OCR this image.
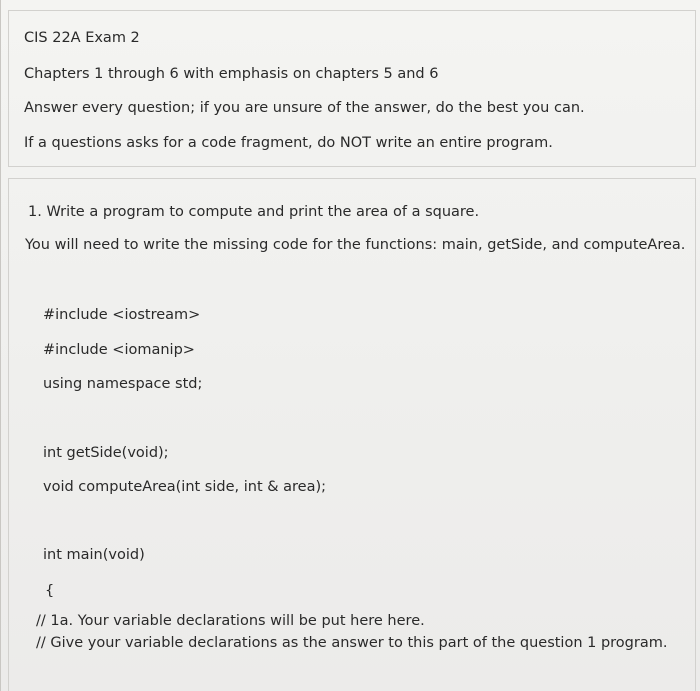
CIS 22A Exam 2
Chapters 1 through 6 with emphasis on chapters 5 and 6
Answer every question; if you are unsure of the answer, do the best you can.
If a questions asks for a code fragment, do NOT write an entire program.
1. Write a program to compute and print the area of a square.
You will need to write the missing code for the functions: main, getSide, and computeArea.
#include <iostream>
#include <iomanip>
using namespace std;
int getSide(void);
void computeArea(int side, int & area);
int main(void)
{
// 1a. Your variable declarations will be put here here.
// Give your variable declarations as the answer to this part of the question 1 program.
